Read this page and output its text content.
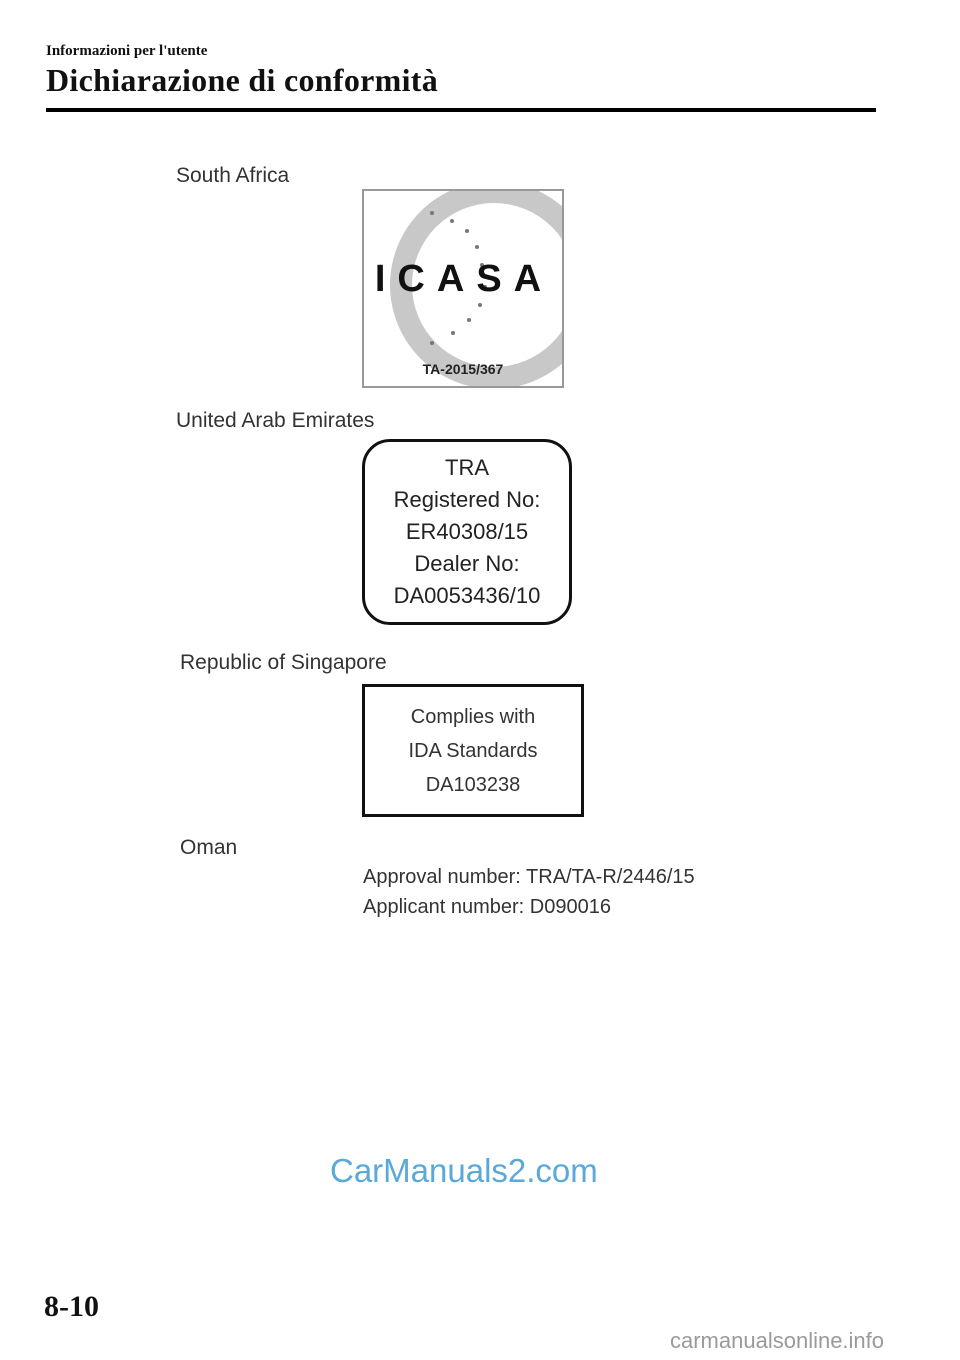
Informazioni per l'utente
Dichiarazione di conformità
South Africa
ICASA
TA-2015/367
United Arab Emirates
TRA
Registered No:
ER40308/15
Dealer No:
DA0053436/10
Republic of Singapore
Complies with
IDA Standards
DA103238
Oman
Approval number: TRA/TA-R/2446/15
Applicant number: D090016
CarManuals2.com
8-10
carmanualsonline.info
